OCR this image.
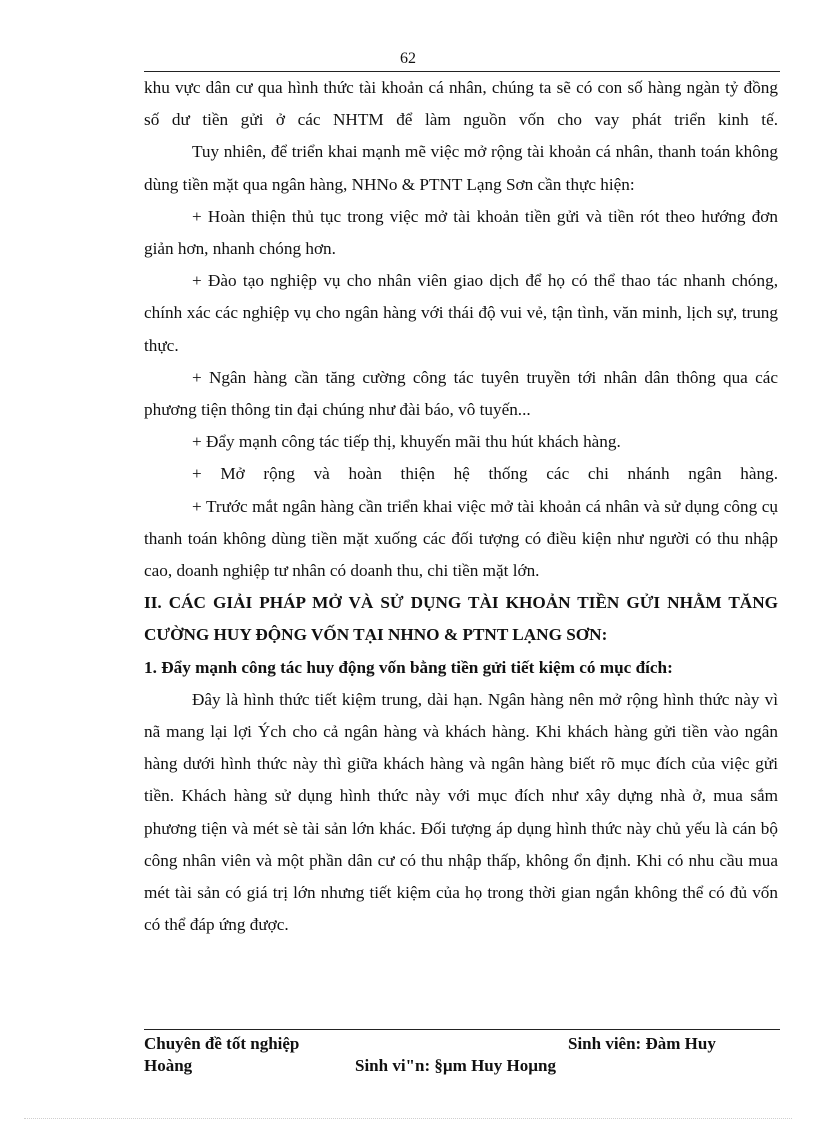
62

khu vực dân cư qua hình thức tài khoản cá nhân, chúng ta sẽ có con số hàng ngàn tỷ đồng số dư tiền gửi ở các NHTM để làm nguồn vốn cho vay phát triển kinh tế.

Tuy nhiên, để triển khai mạnh mẽ việc mở rộng tài khoản cá nhân, thanh toán không dùng tiền mặt qua ngân hàng, NHNo & PTNT Lạng Sơn cần thực hiện:

+ Hoàn thiện thủ tục trong việc mở tài khoản tiền gửi và tiền rót theo hướng đơn giản hơn, nhanh chóng hơn.

+ Đào tạo nghiệp vụ cho nhân viên giao dịch để họ có thể thao tác nhanh chóng, chính xác các nghiệp vụ cho ngân hàng với thái độ vui vẻ, tận tình, văn minh, lịch sự, trung thực.

+ Ngân hàng cần tăng cường công tác tuyên truyền tới nhân dân thông qua các phương tiện thông tin đại chúng như đài báo, vô tuyến...

+ Đẩy mạnh công tác tiếp thị, khuyến mãi thu hút khách hàng.

+ Mở rộng và hoàn thiện hệ thống các chi nhánh ngân hàng.

+ Trước mắt ngân hàng cần triển khai việc mở tài khoản cá nhân và sử dụng công cụ thanh toán không dùng tiền mặt xuống các đối tượng có điều kiện như người có thu nhập cao, doanh nghiệp tư nhân có doanh thu, chi tiền mặt lớn.

II. CÁC GIẢI PHÁP MỞ VÀ SỬ DỤNG TÀI KHOẢN TIỀN GỬI NHẰM TĂNG CƯỜNG HUY ĐỘNG VỐN TẠI NHNO & PTNT LẠNG SƠN:

1. Đẩy mạnh công tác huy động vốn bằng tiền gửi tiết kiệm có mục đích:

Đây là hình thức tiết kiệm trung, dài hạn. Ngân hàng nên mở rộng hình thức này vì nã mang lại lợi Ých cho cả ngân hàng và khách hàng. Khi khách hàng gửi tiền vào ngân hàng dưới hình thức này thì giữa khách hàng và ngân hàng biết rõ mục đích của việc gửi tiền. Khách hàng sử dụng hình thức này với mục đích như xây dựng nhà ở, mua sắm phương tiện và mét sè tài sản lớn khác. Đối tượng áp dụng hình thức này chủ yếu là cán bộ công nhân viên và một phần dân cư có thu nhập thấp, không ổn định. Khi có nhu cầu mua mét tài sản có giá trị lớn nhưng tiết kiệm của họ trong thời gian ngắn không thể có đủ vốn có thể đáp ứng được.

Chuyên đề tốt nghiệp	Sinh viên: Đàm Huy
Hoàng	Sinh vi"n: §µm Huy Hoµng
